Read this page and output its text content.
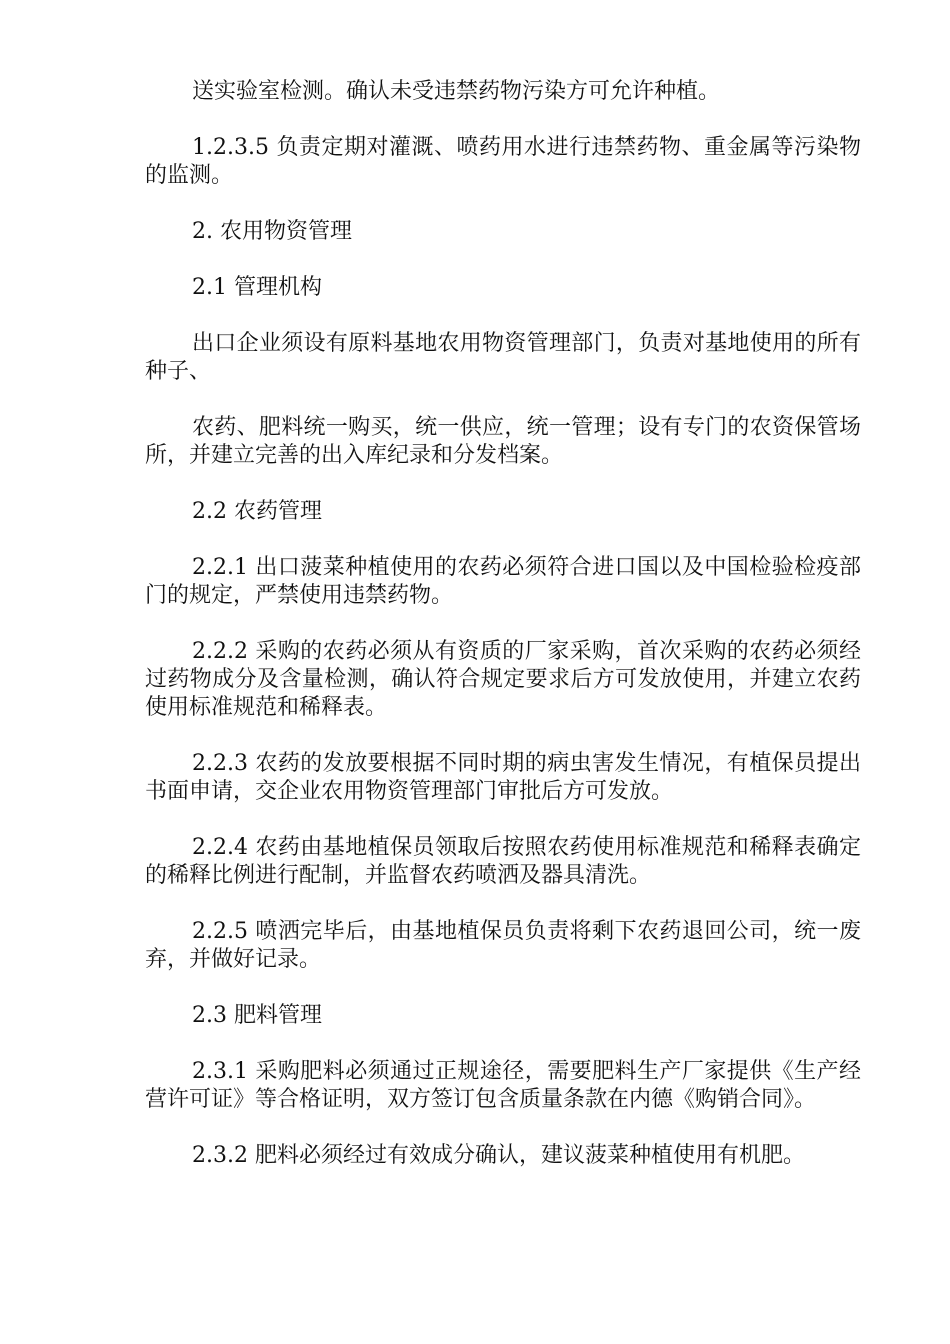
送实验室检测。确认未受违禁药物污染方可允许种植。

1.2.3.5 负责定期对灌溉、喷药用水进行违禁药物、重金属等污染物的监测。

2. 农用物资管理

2.1 管理机构

出口企业须设有原料基地农用物资管理部门，负责对基地使用的所有种子、

农药、肥料统一购买，统一供应，统一管理；设有专门的农资保管场所，并建立完善的出入库纪录和分发档案。

2.2 农药管理

2.2.1 出口菠菜种植使用的农药必须符合进口国以及中国检验检疫部门的规定，严禁使用违禁药物。

2.2.2 采购的农药必须从有资质的厂家采购，首次采购的农药必须经过药物成分及含量检测，确认符合规定要求后方可发放使用，并建立农药使用标准规范和稀释表。

2.2.3 农药的发放要根据不同时期的病虫害发生情况，有植保员提出书面申请，交企业农用物资管理部门审批后方可发放。

2.2.4 农药由基地植保员领取后按照农药使用标准规范和稀释表确定的稀释比例进行配制，并监督农药喷洒及器具清洗。

2.2.5 喷洒完毕后，由基地植保员负责将剩下农药退回公司，统一废弃，并做好记录。

2.3 肥料管理

2.3.1 采购肥料必须通过正规途径，需要肥料生产厂家提供《生产经营许可证》等合格证明，双方签订包含质量条款在内德《购销合同》。

2.3.2 肥料必须经过有效成分确认，建议菠菜种植使用有机肥。
